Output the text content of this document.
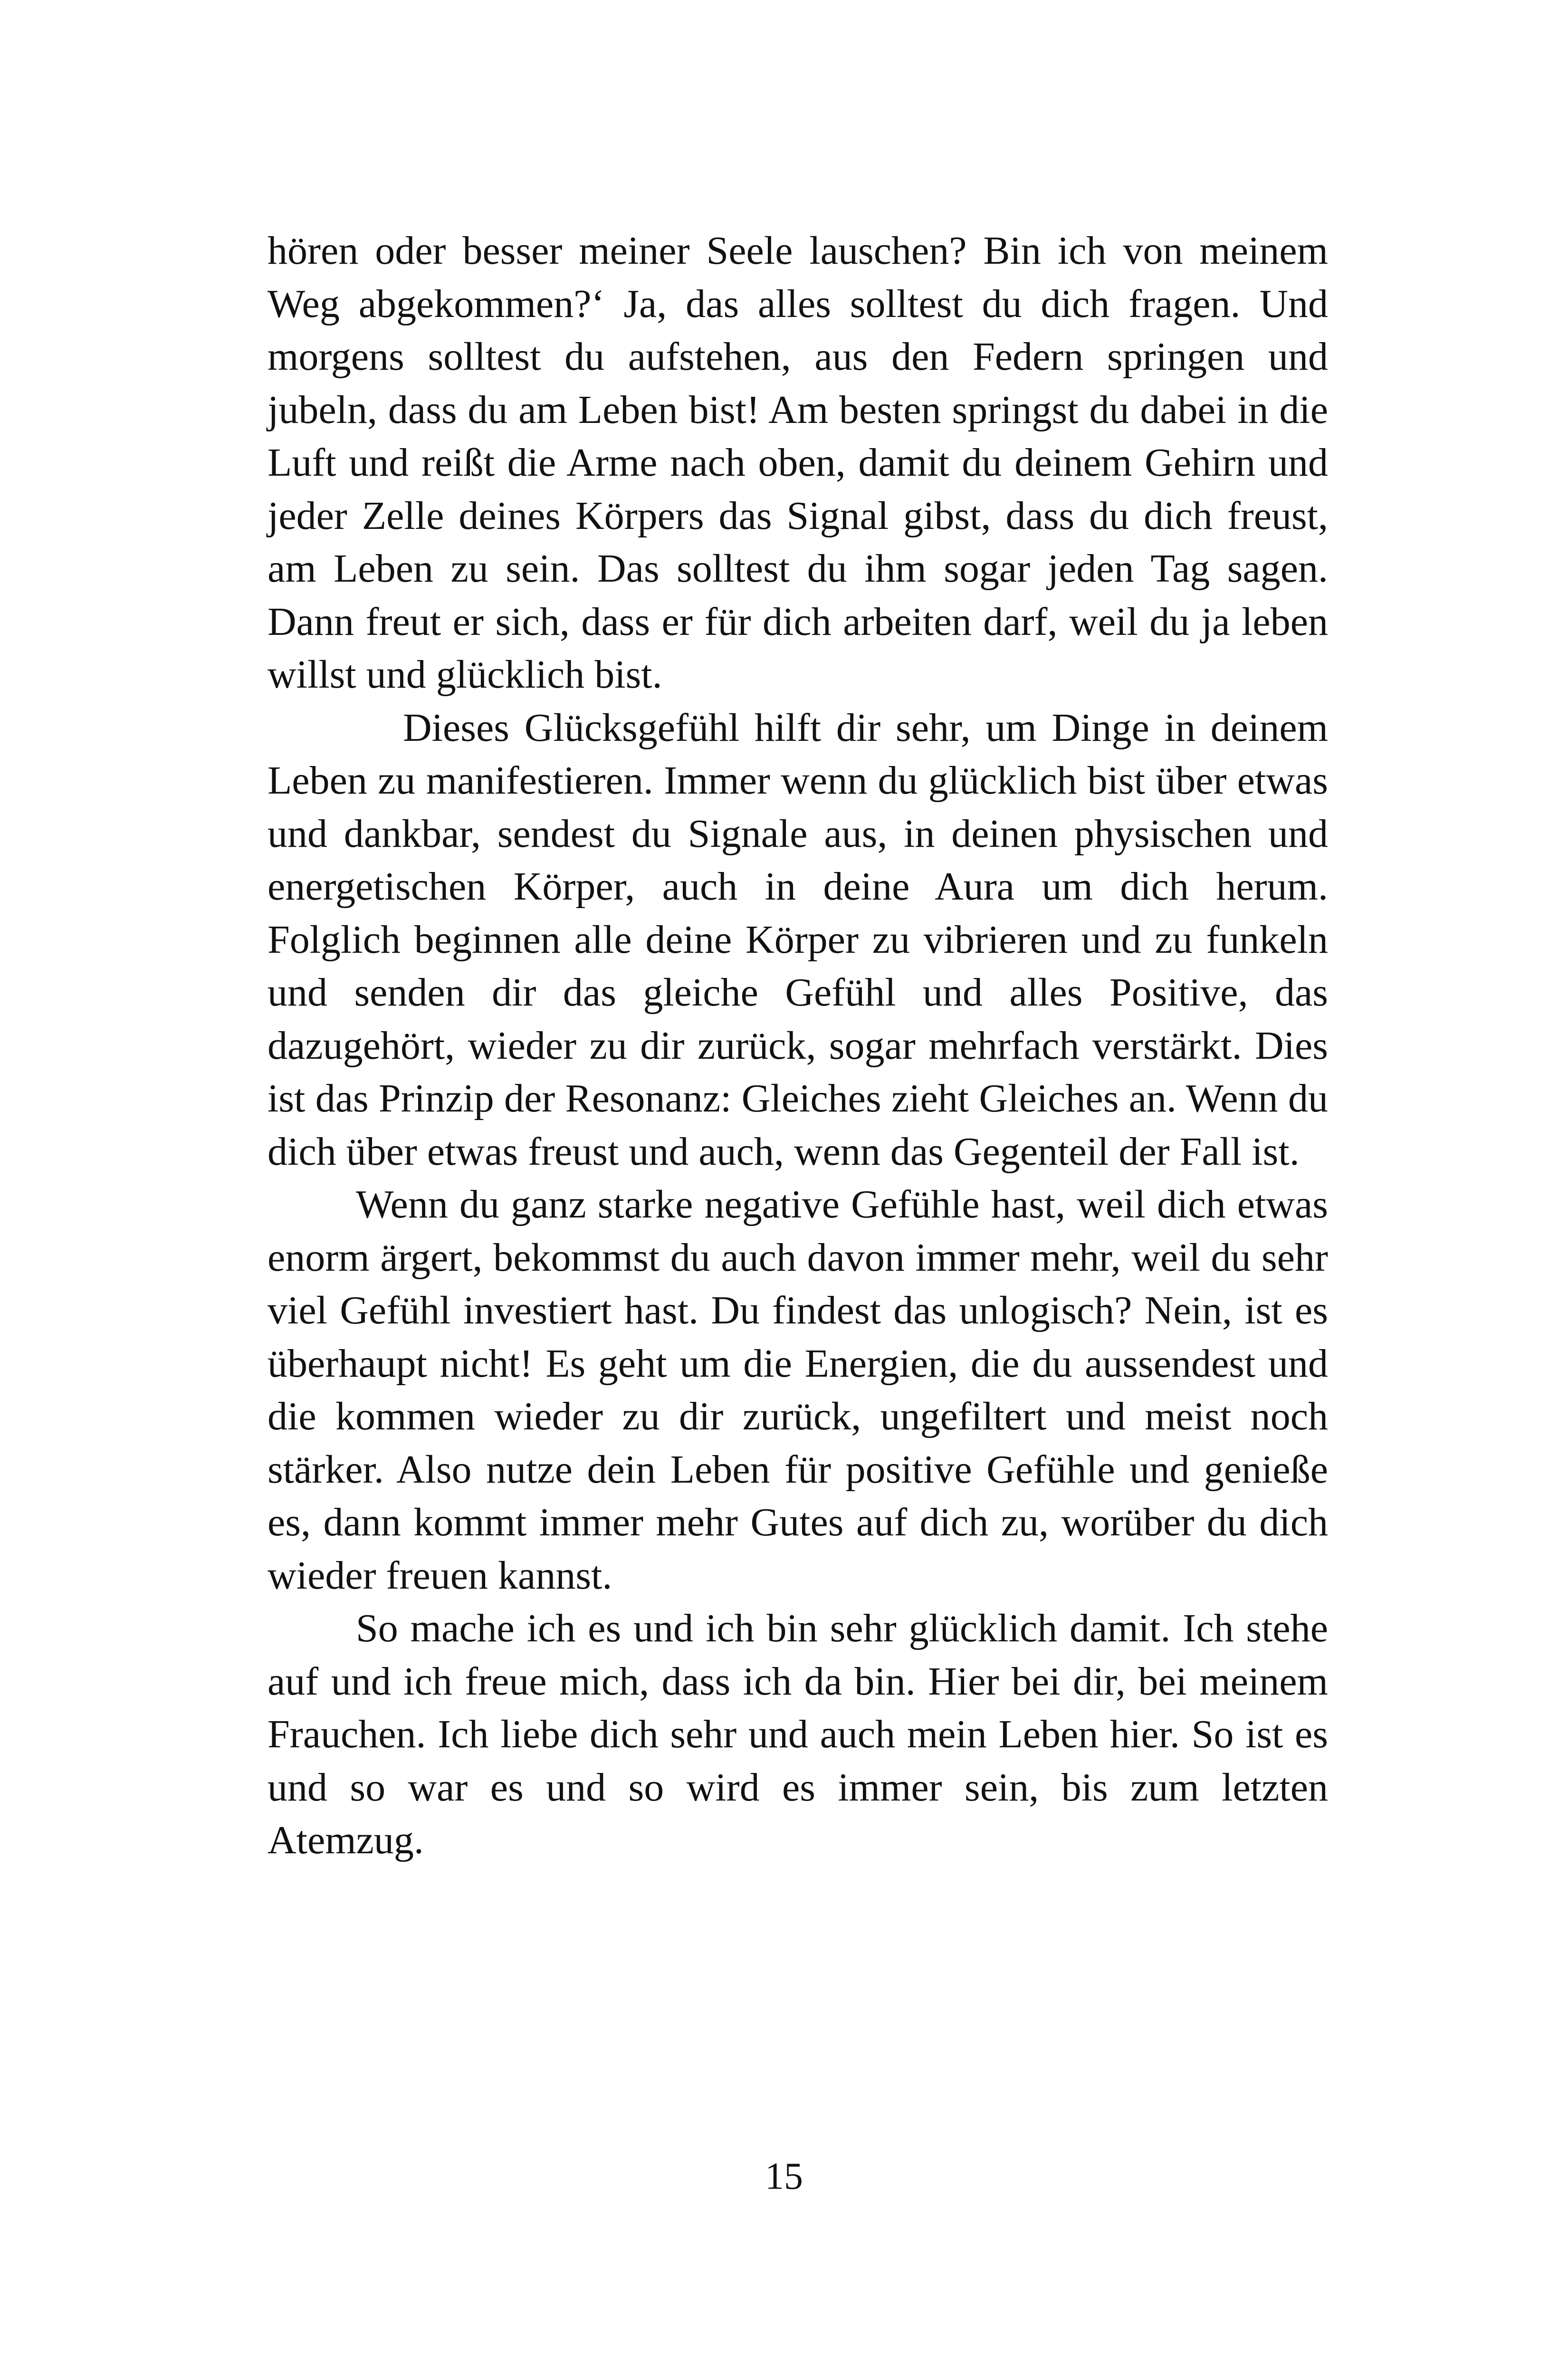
hören oder besser meiner Seele lauschen? Bin ich von meinem Weg abgekommen?‘ Ja, das alles solltest du dich fragen. Und morgens solltest du aufstehen, aus den Federn springen und jubeln, dass du am Leben bist! Am besten springst du dabei in die Luft und reißt die Arme nach oben, damit du deinem Gehirn und jeder Zelle deines Körpers das Signal gibst, dass du dich freust, am Leben zu sein. Das solltest du ihm sogar jeden Tag sagen. Dann freut er sich, dass er für dich arbeiten darf, weil du ja leben willst und glücklich bist.

Dieses Glücksgefühl hilft dir sehr, um Dinge in deinem Leben zu manifestieren. Immer wenn du glücklich bist über etwas und dankbar, sendest du Signale aus, in deinen physischen und energetischen Körper, auch in deine Aura um dich herum. Folglich beginnen alle deine Körper zu vibrieren und zu funkeln und senden dir das gleiche Gefühl und alles Positive, das dazugehört, wieder zu dir zurück, sogar mehrfach verstärkt. Dies ist das Prinzip der Resonanz: Gleiches zieht Gleiches an. Wenn du dich über etwas freust und auch, wenn das Gegenteil der Fall ist.

Wenn du ganz starke negative Gefühle hast, weil dich etwas enorm ärgert, bekommst du auch davon immer mehr, weil du sehr viel Gefühl investiert hast. Du findest das unlogisch? Nein, ist es überhaupt nicht! Es geht um die Energien, die du aussendest und die kommen wieder zu dir zurück, ungefiltert und meist noch stärker. Also nutze dein Leben für positive Gefühle und genieße es, dann kommt immer mehr Gutes auf dich zu, worüber du dich wieder freuen kannst.

So mache ich es und ich bin sehr glücklich damit. Ich stehe auf und ich freue mich, dass ich da bin. Hier bei dir, bei meinem Frauchen. Ich liebe dich sehr und auch mein Leben hier. So ist es und so war es und so wird es immer sein, bis zum letzten Atemzug.

15
